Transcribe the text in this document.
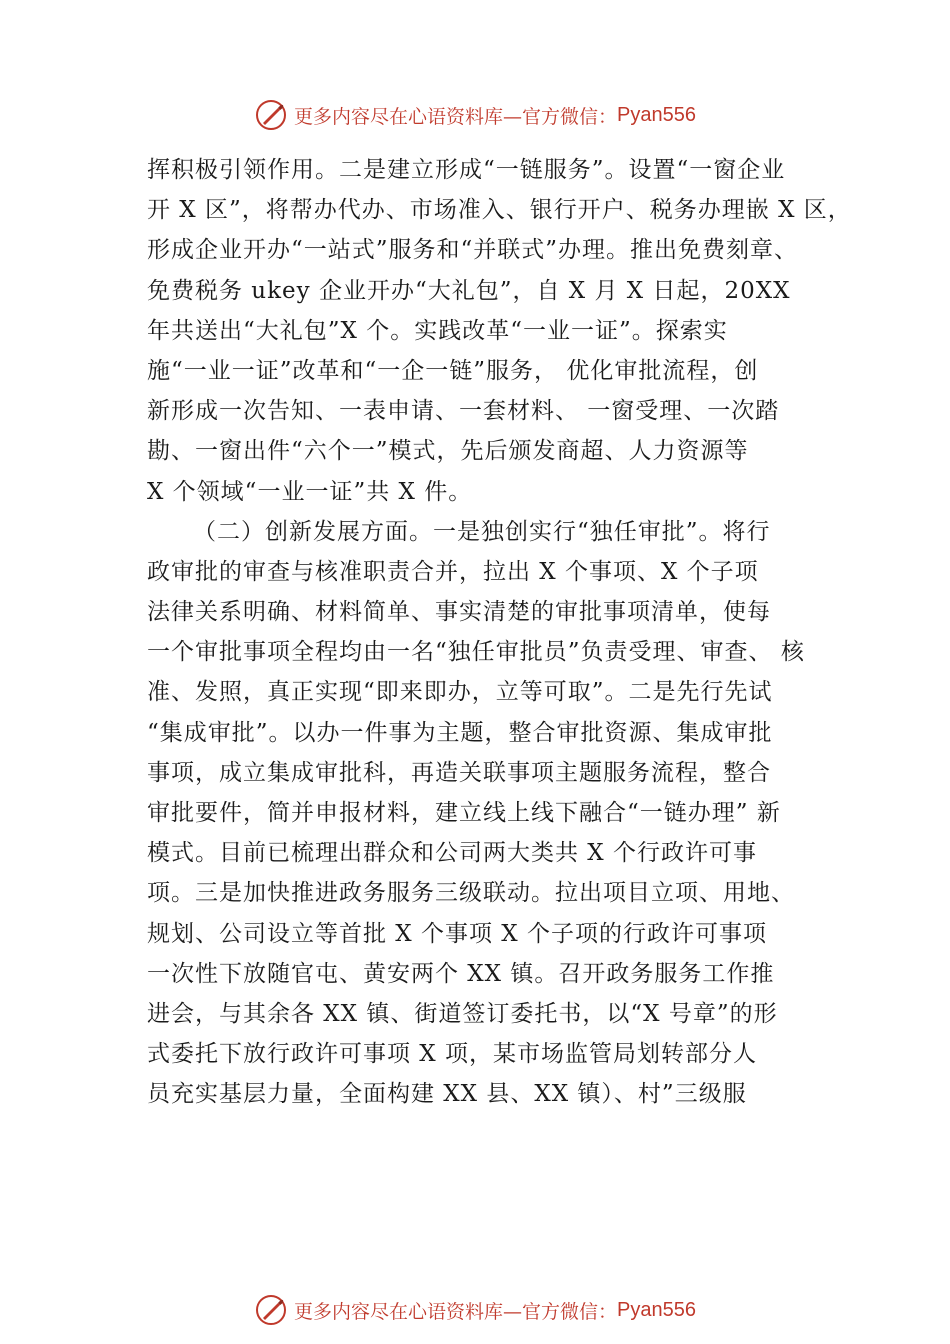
更多内容尽在心语资料库—官方微信： Pyan556
挥积极引领作用。二是建立形成“一链服务”。设置“一窗企业
开 X 区”，将帮办代办、市场准入、银行开户、税务办理嵌 X 区，
形成企业开办“一站式”服务和“并联式”办理。推出免费刻章、
免费税务 ukey 企业开办“大礼包”，自 X 月 X 日起，20XX
年共送出“大礼包”X 个。实践改革“一业一证”。探索实
施“一业一证”改革和“一企一链”服务， 优化审批流程，创
新形成一次告知、一表申请、一套材料、 一窗受理、一次踏
勘、一窗出件“六个一”模式，先后颁发商超、人力资源等
X 个领域“一业一证”共 X 件。
（二）创新发展方面。一是独创实行“独任审批”。将行
政审批的审查与核准职责合并，拉出 X 个事项、X 个子项
法律关系明确、材料简单、事实清楚的审批事项清单，使每
一个审批事项全程均由一名“独任审批员”负责受理、审查、 核
准、发照，真正实现“即来即办，立等可取”。二是先行先试
“集成审批”。以办一件事为主题，整合审批资源、集成审批
事项，成立集成审批科，再造关联事项主题服务流程，整合
审批要件，简并申报材料，建立线上线下融合“一链办理” 新
模式。目前已梳理出群众和公司两大类共 X 个行政许可事
项。三是加快推进政务服务三级联动。拉出项目立项、用地、
规划、公司设立等首批 X 个事项 X 个子项的行政许可事项
一次性下放随官屯、黄安两个 XX 镇。召开政务服务工作推
进会，与其余各 XX 镇、街道签订委托书，以“X 号章”的形
式委托下放行政许可事项 X 项，某市场监管局划转部分人
员充实基层力量，全面构建 XX 县、XX 镇）、村”三级服
更多内容尽在心语资料库—官方微信： Pyan556
